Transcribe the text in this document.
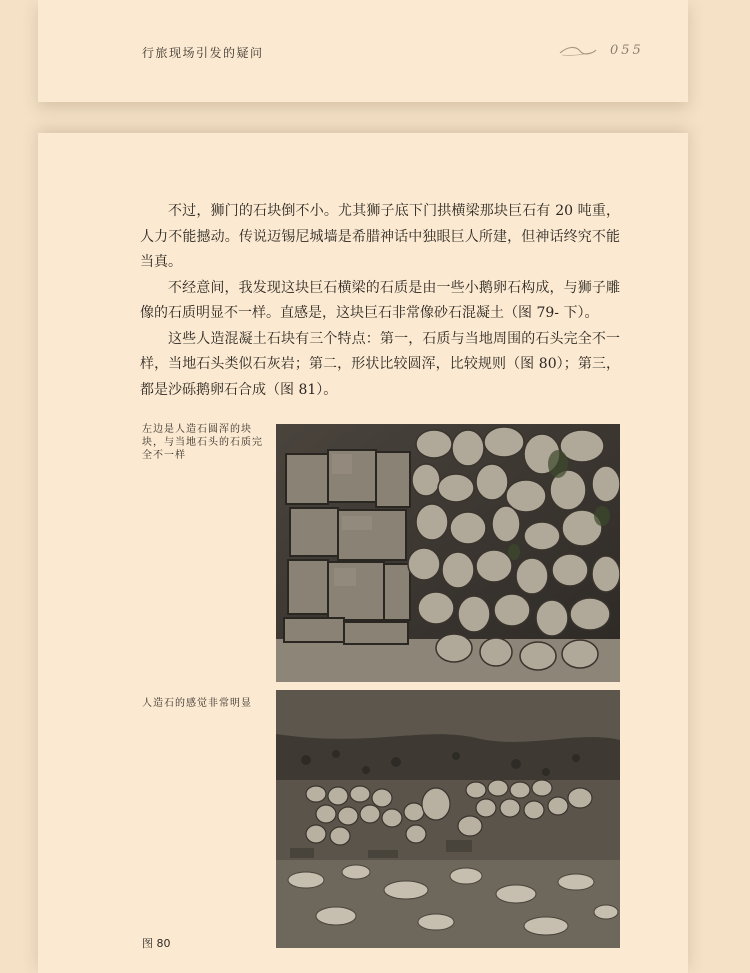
行旅现场引发的疑问	055

不过，狮门的石块倒不小。尤其狮子底下门拱横梁那块巨石有 20 吨重，人力不能撼动。传说迈锡尼城墙是希腊神话中独眼巨人所建，但神话终究不能当真。

不经意间，我发现这块巨石横梁的石质是由一些小鹅卵石构成，与狮子雕像的石质明显不一样。直感是，这块巨石非常像砂石混凝土（图 79- 下）。

这些人造混凝土石块有三个特点：第一，石质与当地周围的石头完全不一样，当地石头类似石灰岩；第二，形状比较圆浑，比较规则（图 80）；第三，都是沙砾鹅卵石合成（图 81）。

左边是人造石圆浑的块块，与当地石头的石质完全不一样
人造石的感觉非常明显
图 80
